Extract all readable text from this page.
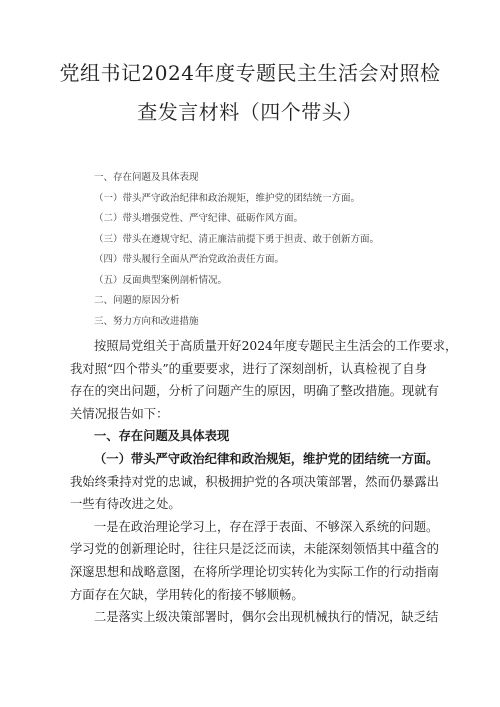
党组书记2024年度专题民主生活会对照检
查发言材料（四个带头）
一、存在问题及具体表现
（一）带头严守政治纪律和政治规矩，维护党的团结统一方面。
（二）带头增强党性、严守纪律、砥砺作风方面。
（三）带头在遵规守纪、清正廉洁前提下勇于担责、敢于创新方面。
（四）带头履行全面从严治党政治责任方面。
（五）反面典型案例剖析情况。
二、问题的原因分析
三、努力方向和改进措施
按照局党组关于高质量开好2024年度专题民主生活会的工作要求，
我对照“四个带头”的重要要求，进行了深刻剖析，认真检视了自身
存在的突出问题，分析了问题产生的原因，明确了整改措施。现就有
关情况报告如下：
一、存在问题及具体表现
（一）带头严守政治纪律和政治规矩，维护党的团结统一方面。
我始终秉持对党的忠诚，积极拥护党的各项决策部署，然而仍暴露出
一些有待改进之处。
一是在政治理论学习上，存在浮于表面、不够深入系统的问题。
学习党的创新理论时，往往只是泛泛而读，未能深刻领悟其中蕴含的
深邃思想和战略意图，在将所学理论切实转化为实际工作的行动指南
方面存在欠缺，学用转化的衔接不够顺畅。
二是落实上级决策部署时，偶尔会出现机械执行的情况，缺乏结
